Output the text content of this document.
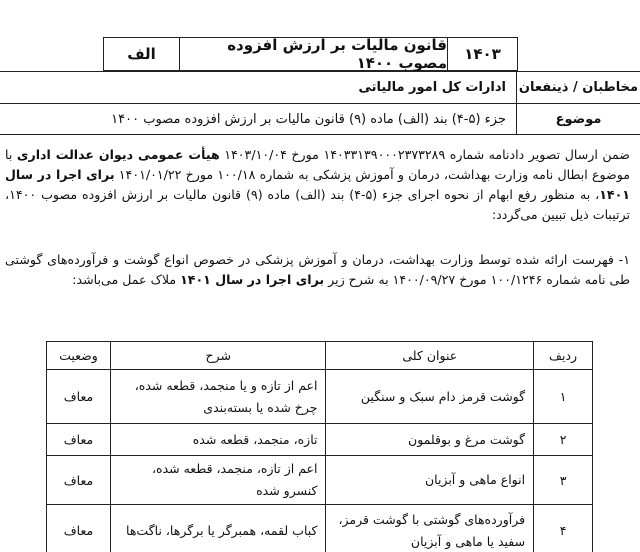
۱۴۰۳
قانون مالیات بر ارزش افزوده مصوب ۱۴۰۰
الف
مخاطبان / ذینفعان
ادارات کل امور مالیاتی
موضوع
جزء (۵-۴) بند (الف) ماده (۹) قانون مالیات بر ارزش افزوده مصوب ۱۴۰۰

ضمن ارسال تصویر دادنامه شماره ۱۴۰۳۳۱۳۹۰۰۰۲۳۷۳۲۸۹ مورخ ۱۴۰۳/۱۰/۰۴ هیأت عمومی دیوان عدالت اداری با موضوع ابطال نامه وزارت بهداشت، درمان و آموزش پزشکی به شماره ۱۰۰/۱۸ مورخ ۱۴۰۱/۰۱/۲۲ برای اجرا در سال ۱۴۰۱، به منظور رفع ابهام از نحوه اجرای جزء (۵-۴) بند (الف) ماده (۹) قانون مالیات بر ارزش افزوده مصوب ۱۴۰۰، ترتیبات ذیل تبیین می‌گردد:

۱- فهرست ارائه شده توسط وزارت بهداشت، درمان و آموزش پزشکی در خصوص انواع گوشت و فرآورده‌های گوشتی طی نامه شماره ۱۰۰/۱۲۴۶ مورخ ۱۴۰۰/۰۹/۲۷ به شرح زیر برای اجرا در سال ۱۴۰۱ ملاک عمل می‌باشد:

ردیف	عنوان کلی	شرح	وضعیت
۱	گوشت قرمز دام سبک و سنگین	اعم از تازه و یا منجمد، قطعه شده، چرخ شده یا بسته‌بندی	معاف
۲	گوشت مرغ و بوقلمون	تازه، منجمد، قطعه شده	معاف
۳	انواع ماهی و آبزیان	اعم از تازه، منجمد، قطعه شده، کنسرو شده	معاف
۴	فرآورده‌های گوشتی با گوشت قرمز، سفید یا ماهی و آبزیان	کباب لقمه، همبرگر یا برگرها، ناگت‌ها	معاف
